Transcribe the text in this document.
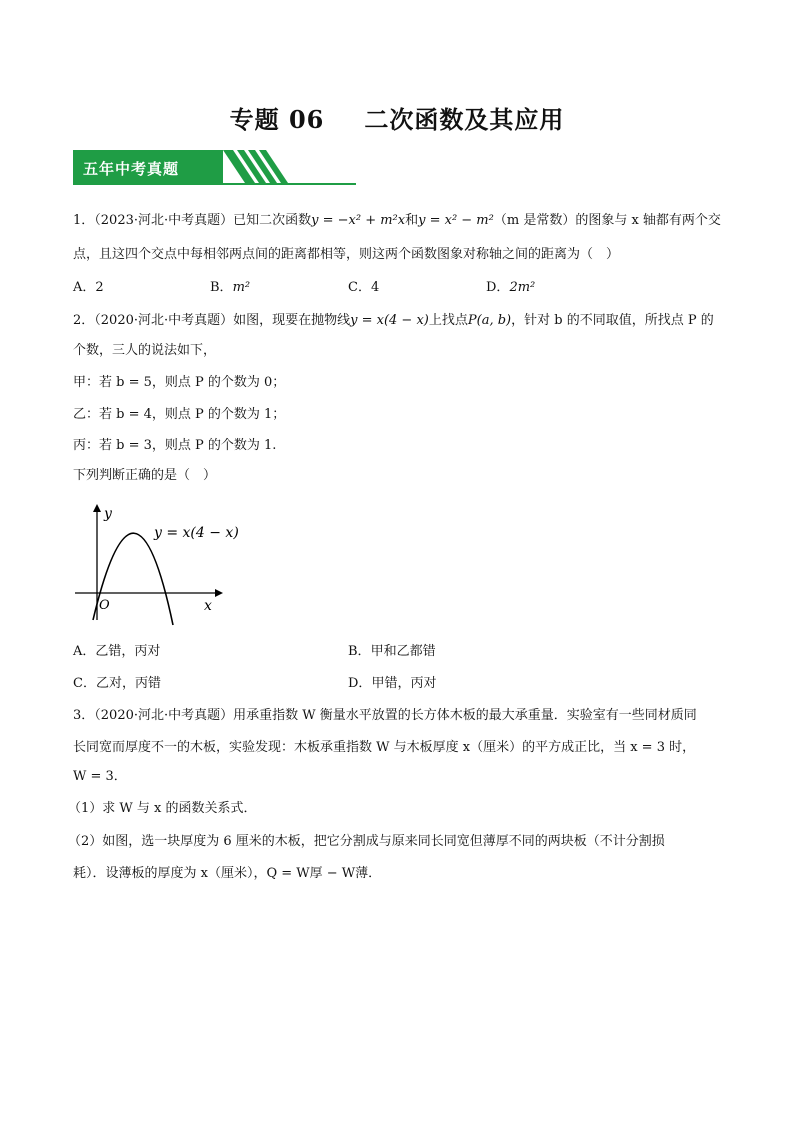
专题 06 二次函数及其应用
五年中考真题
1．（2023·河北·中考真题）已知二次函数y = −x² + m²x和y = x² − m²（m 是常数）的图象与 x 轴都有两个交
点，且这四个交点中每相邻两点间的距离都相等，则这两个函数图象对称轴之间的距离为（　）
A．2	B．m²	C．4	D．2m²
2．（2020·河北·中考真题）如图，现要在抛物线y = x(4 − x)上找点P(a, b)，针对 b 的不同取值，所找点 P 的
个数，三人的说法如下，
甲：若 b = 5，则点 P 的个数为 0；
乙：若 b = 4，则点 P 的个数为 1；
丙：若 b = 3，则点 P 的个数为 1.
下列判断正确的是（　）
y
x
O
y = x(4 − x)
A．乙错，丙对	B．甲和乙都错
C．乙对，丙错	D．甲错，丙对
3．（2020·河北·中考真题）用承重指数 W 衡量水平放置的长方体木板的最大承重量．实验室有一些同材质同
长同宽而厚度不一的木板，实验发现：木板承重指数 W 与木板厚度 x（厘米）的平方成正比，当 x = 3 时，
W = 3．
（1）求 W 与 x 的函数关系式．
（2）如图，选一块厚度为 6 厘米的木板，把它分割成与原来同长同宽但薄厚不同的两块板（不计分割损
耗）．设薄板的厚度为 x（厘米），Q = W厚 − W薄．
